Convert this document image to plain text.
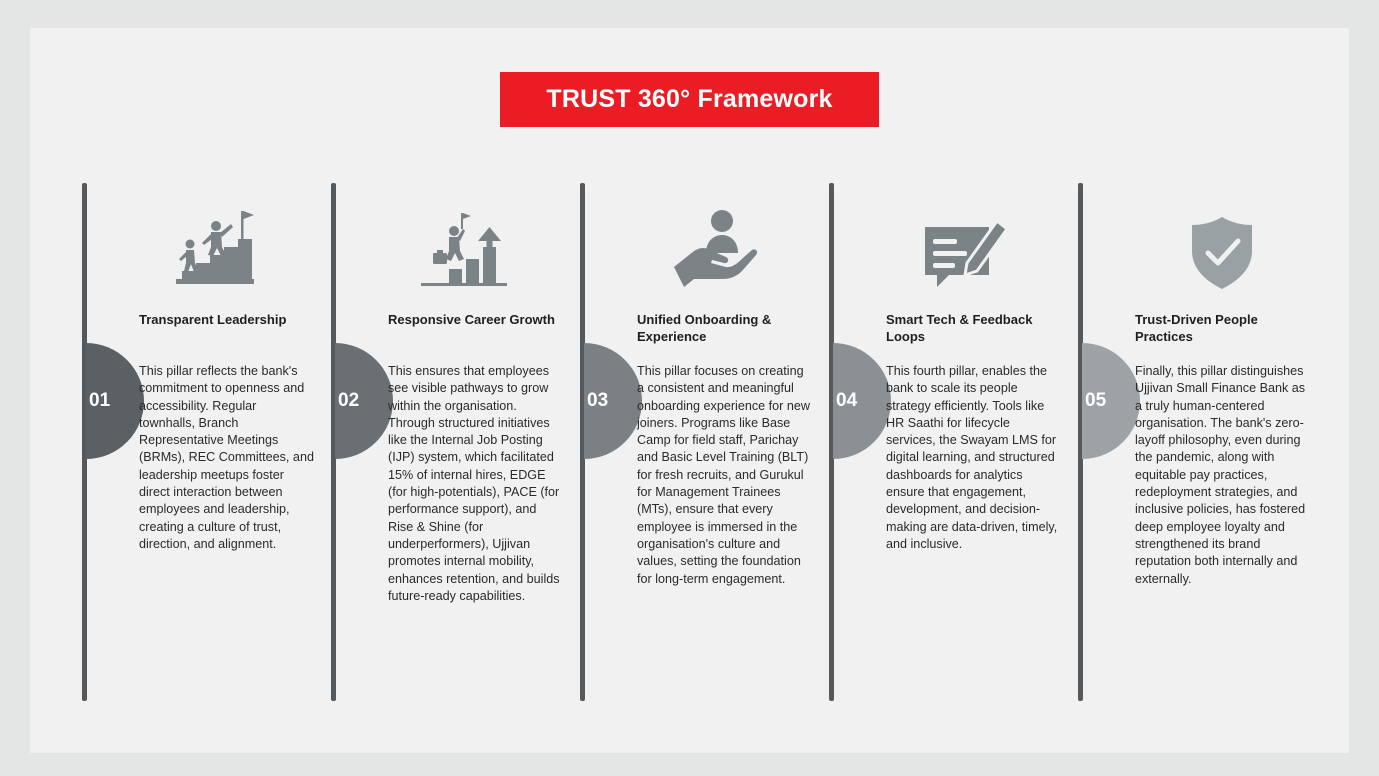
TRUST 360° Framework
01
Transparent Leadership
This pillar reflects the bank's commitment to openness and accessibility. Regular townhalls, Branch Representative Meetings (BRMs), REC Committees, and leadership meetups foster direct interaction between employees and leadership, creating a culture of trust, direction, and alignment.
02
Responsive Career Growth
This ensures that employees see visible pathways to grow within the organisation. Through structured initiatives like the Internal Job Posting (IJP) system, which facilitated 15% of internal hires, EDGE (for high-potentials), PACE (for performance support), and Rise & Shine (for underperformers), Ujjivan promotes internal mobility, enhances retention, and builds future-ready capabilities.
03
Unified Onboarding & Experience
This pillar focuses on creating a consistent and meaningful onboarding experience for new joiners. Programs like Base Camp for field staff, Parichay and Basic Level Training (BLT) for fresh recruits, and Gurukul for Management Trainees (MTs), ensure that every employee is immersed in the organisation's culture and values, setting the foundation for long-term engagement.
04
Smart Tech & Feedback Loops
This fourth pillar, enables the bank to scale its people strategy efficiently. Tools like HR Saathi for lifecycle services, the Swayam LMS for digital learning, and structured dashboards for analytics ensure that engagement, development, and decision-making are data-driven, timely, and inclusive.
05
Trust-Driven People Practices
Finally, this pillar distinguishes Ujjivan Small Finance Bank as a truly human-centered organisation. The bank's zero-layoff philosophy, even during the pandemic, along with equitable pay practices, redeployment strategies, and inclusive policies, has fostered deep employee loyalty and strengthened its brand reputation both internally and externally.
